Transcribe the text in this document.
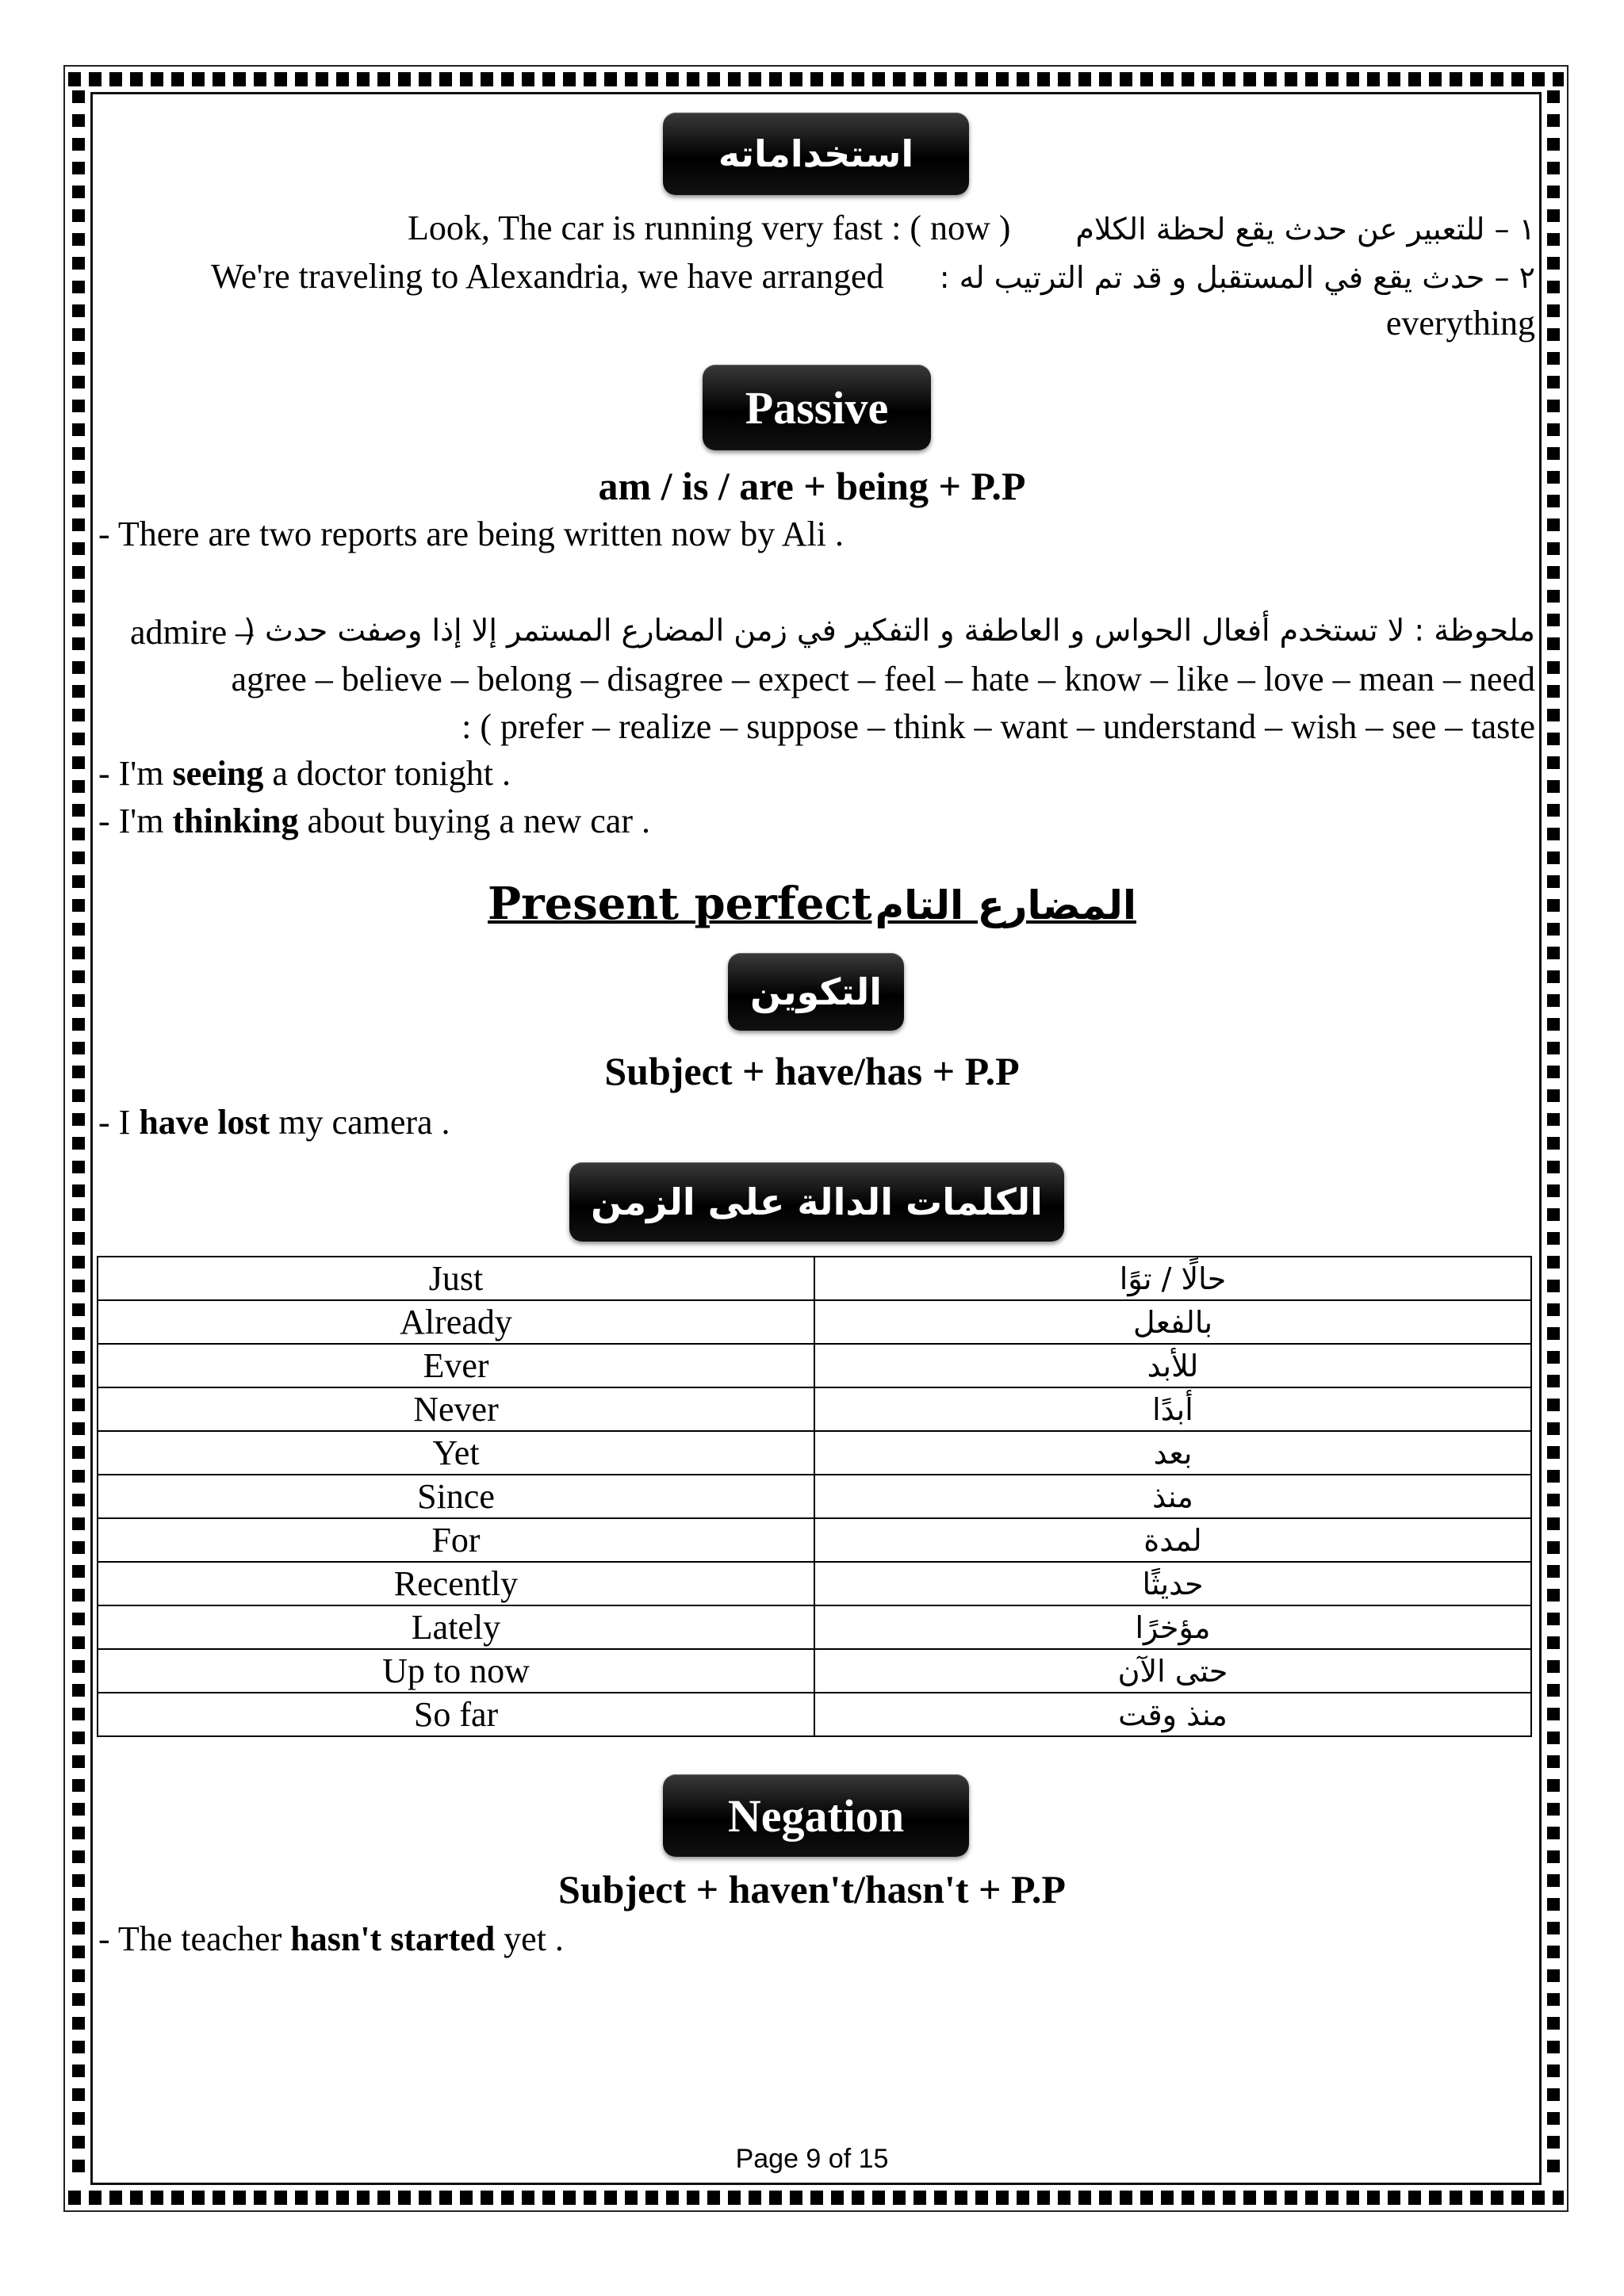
استخداماته
Look, The car is running very fast : ( now ) ١ – للتعبير عن حدث يقع لحظة الكلام
We're traveling to Alexandria, we have arranged ٢ – حدث يقع في المستقبل و قد تم الترتيب له :
everything
Passive
am / is / are + being + P.P
- There are two reports are being written now by Ali .
ملحوظة : لا تستخدم أفعال الحواس و العاطفة و التفكير في زمن المضارع المستمر إلا إذا وصفت حدث (
admire –
agree – believe – belong – disagree – expect – feel – hate – know – like – love – mean – need
: ( prefer – realize – suppose – think – want – understand – wish – see – taste
- I'm seeing a doctor tonight .
- I'm thinking about buying a new car .
Present perfect المضارع التام
التكوين
Subject + have/has + P.P
- I have lost my camera .
الكلمات الدالة على الزمن
Just	حالًا / توًا
Already	بالفعل
Ever	للأبد
Never	أبدًا
Yet	بعد
Since	منذ
For	لمدة
Recently	حديثًا
Lately	مؤخرًا
Up to now	حتى الآن
So far	منذ وقت
Negation
Subject + haven't/hasn't + P.P
- The teacher hasn't started yet .
Page 9 of 15
